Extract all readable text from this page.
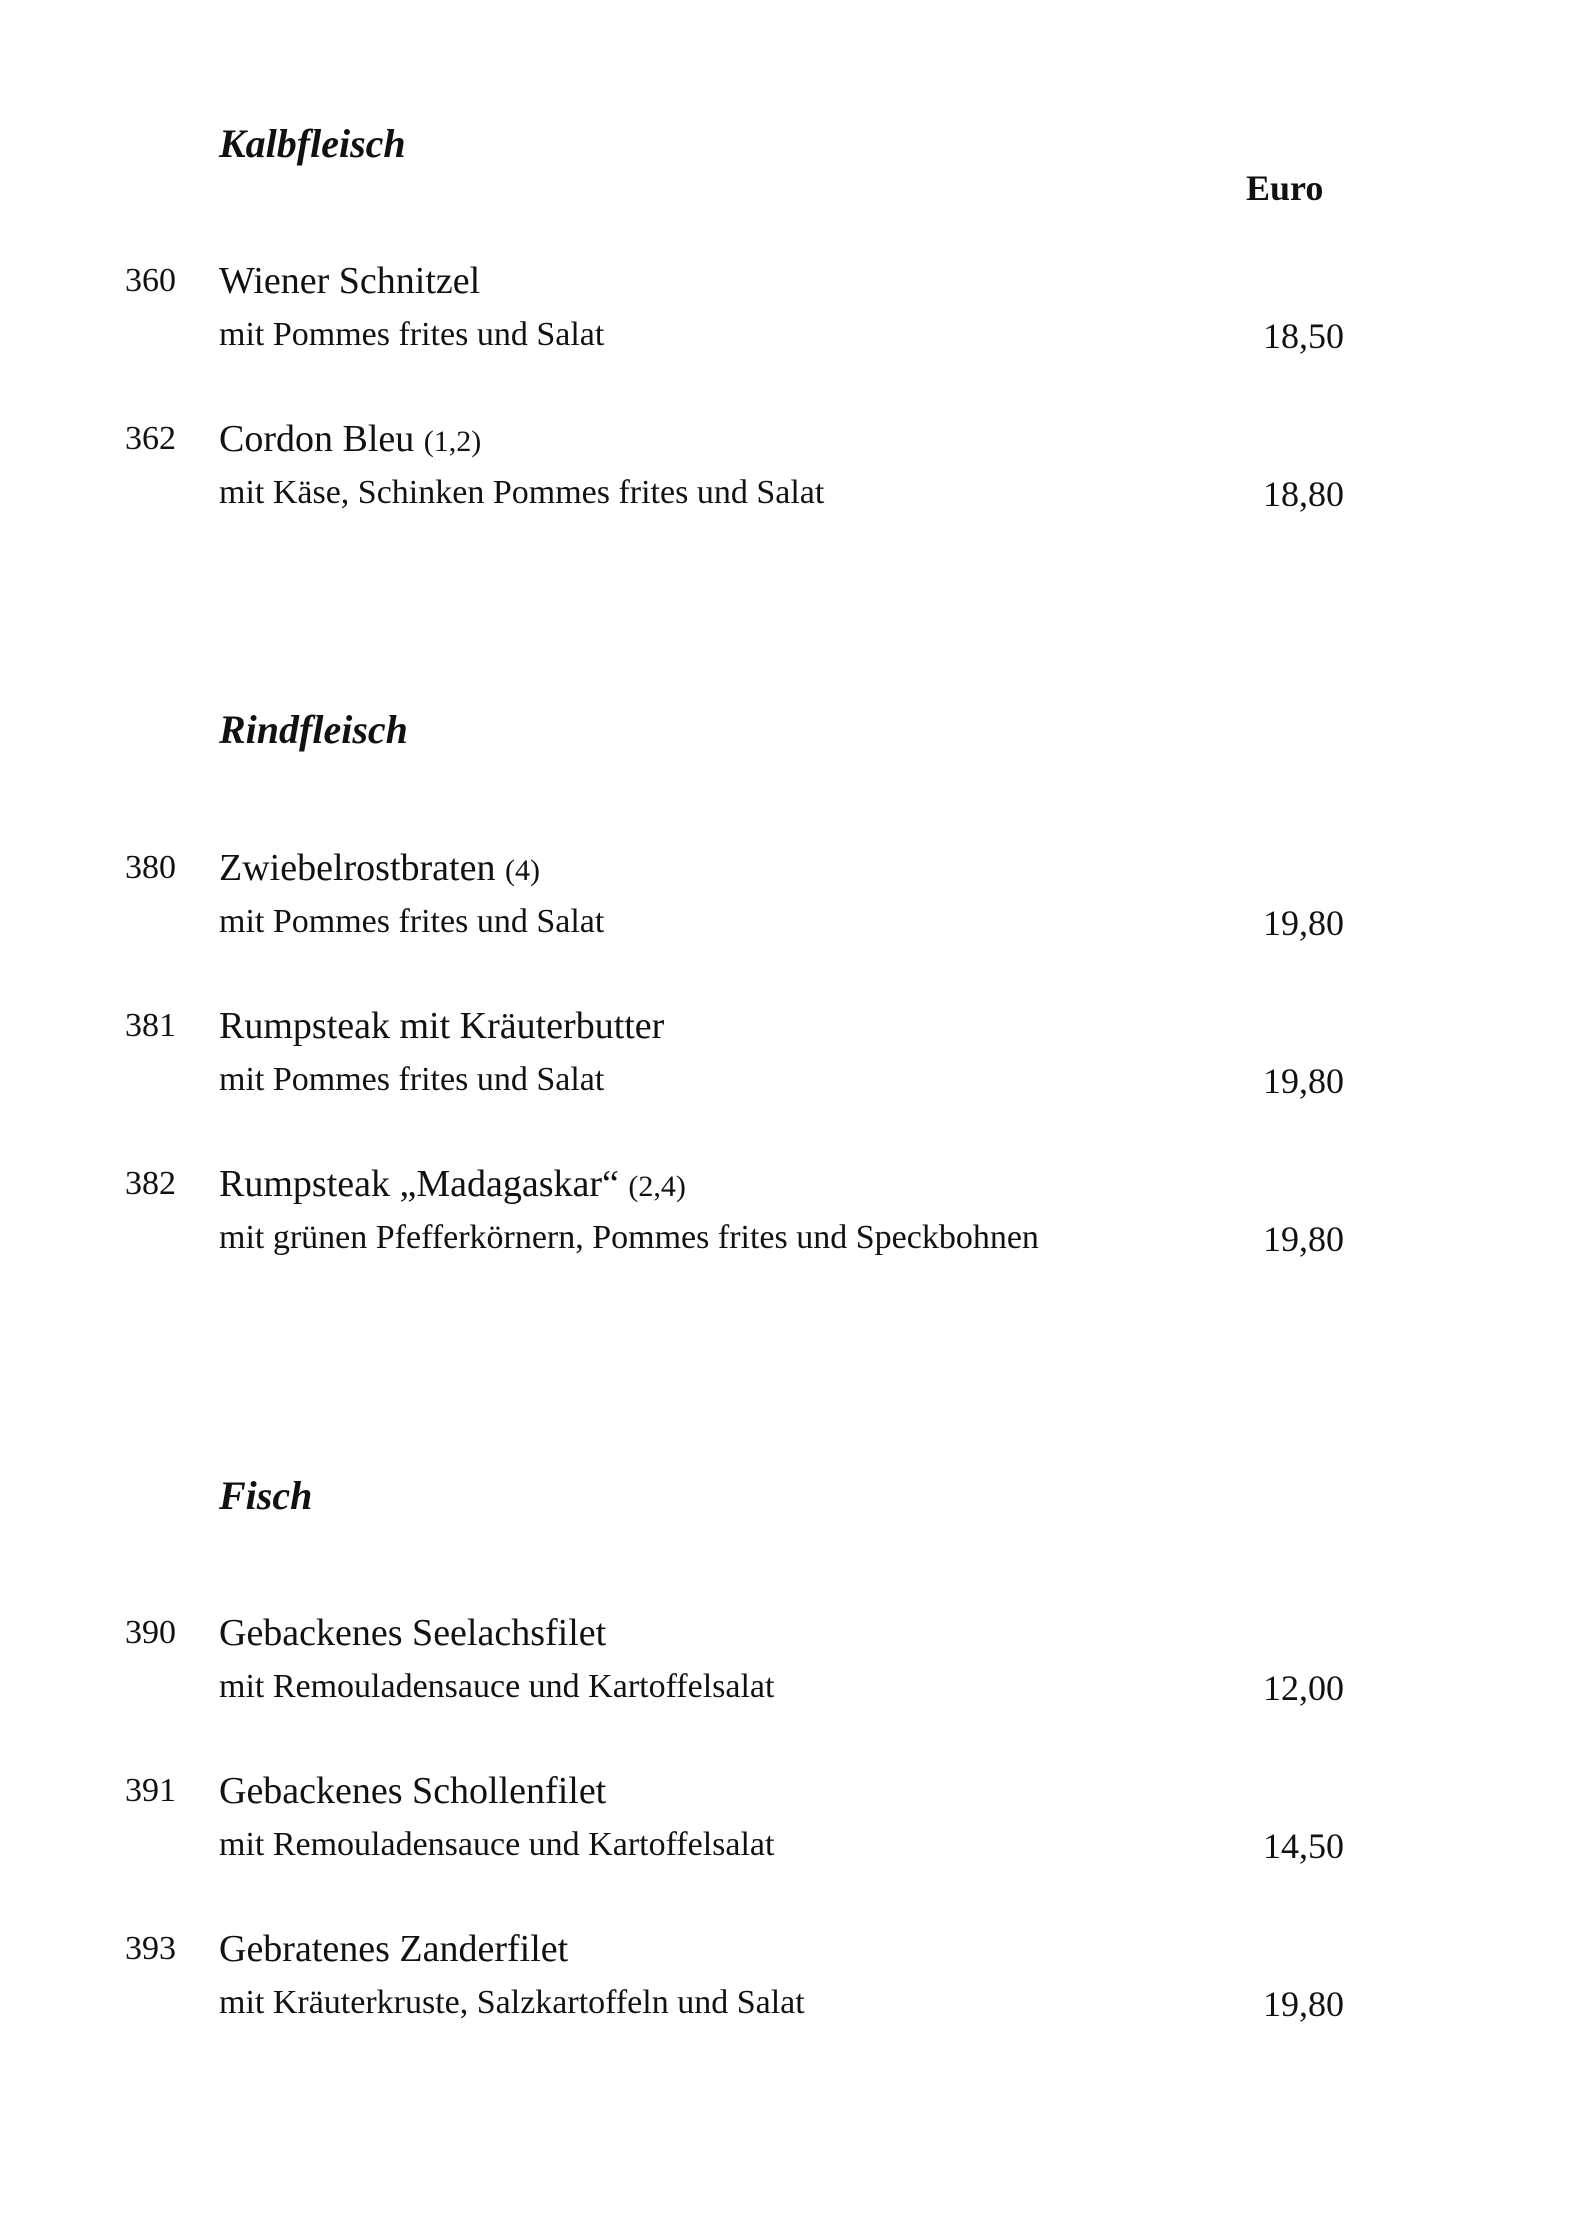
Kalbfleisch
Euro
360 Wiener Schnitzel
mit Pommes frites und Salat	18,50
362 Cordon Bleu (1,2)
mit Käse, Schinken Pommes frites und Salat	18,80
Rindfleisch
380 Zwiebelrostbraten (4)
mit Pommes frites und Salat	19,80
381 Rumpsteak mit Kräuterbutter
mit Pommes frites und Salat	19,80
382 Rumpsteak „Madagaskar“ (2,4)
mit grünen Pfefferkörnern, Pommes frites und Speckbohnen	19,80
Fisch
390 Gebackenes Seelachsfilet
mit Remouladensauce und Kartoffelsalat	12,00
391 Gebackenes Schollenfilet
mit Remouladensauce und Kartoffelsalat	14,50
393 Gebratenes Zanderfilet
mit Kräuterkruste, Salzkartoffeln und Salat	19,80
